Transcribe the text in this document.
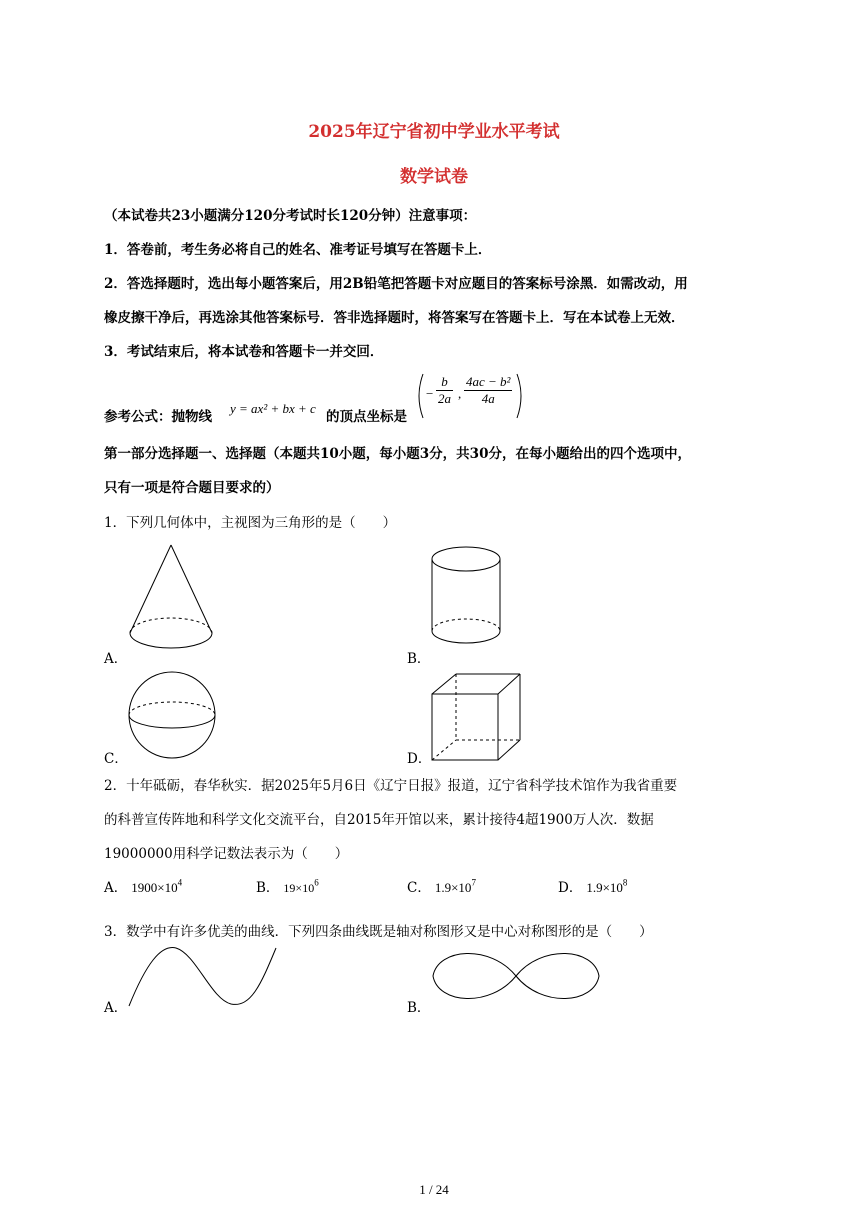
2025年辽宁省初中学业水平考试
数学试卷
（本试卷共23小题满分120分考试时长120分钟）注意事项：
1．答卷前，考生务必将自己的姓名、准考证号填写在答题卡上．
2．答选择题时，选出每小题答案后，用2B铅笔把答题卡对应题目的答案标号涂黑．如需改动，用
橡皮擦干净后，再选涂其他答案标号．答非选择题时，将答案写在答题卡上．写在本试卷上无效．
3．考试结束后，将本试卷和答题卡一并交回．
参考公式：抛物线
y = ax² + bx + c
的顶点坐标是
− $\frac{b}{2a}$ , $\frac{\text{4ac − b²}}{4a}$
第一部分选择题一、选择题（本题共10小题，每小题3分，共30分，在每小题给出的四个选项中，
只有一项是符合题目要求的）
1．下列几何体中，主视图为三角形的是（　　）
A．	B．
C．	D．
2．十年砥砺，春华秋实．据2025年5月6日《辽宁日报》报道，辽宁省科学技术馆作为我省重要
的科普宣传阵地和科学文化交流平台，自2015年开馆以来，累计接待4超1900万人次．数据
19000000用科学记数法表示为（　　）
A． $1900\times 10^4$	B． $19\times 10^6$	C． $1.9\times 10^7$	D． $1.9\times 10^8$
3．数学中有许多优美的曲线．下列四条曲线既是轴对称图形又是中心对称图形的是（　　）
A．	B．
1 / 24
